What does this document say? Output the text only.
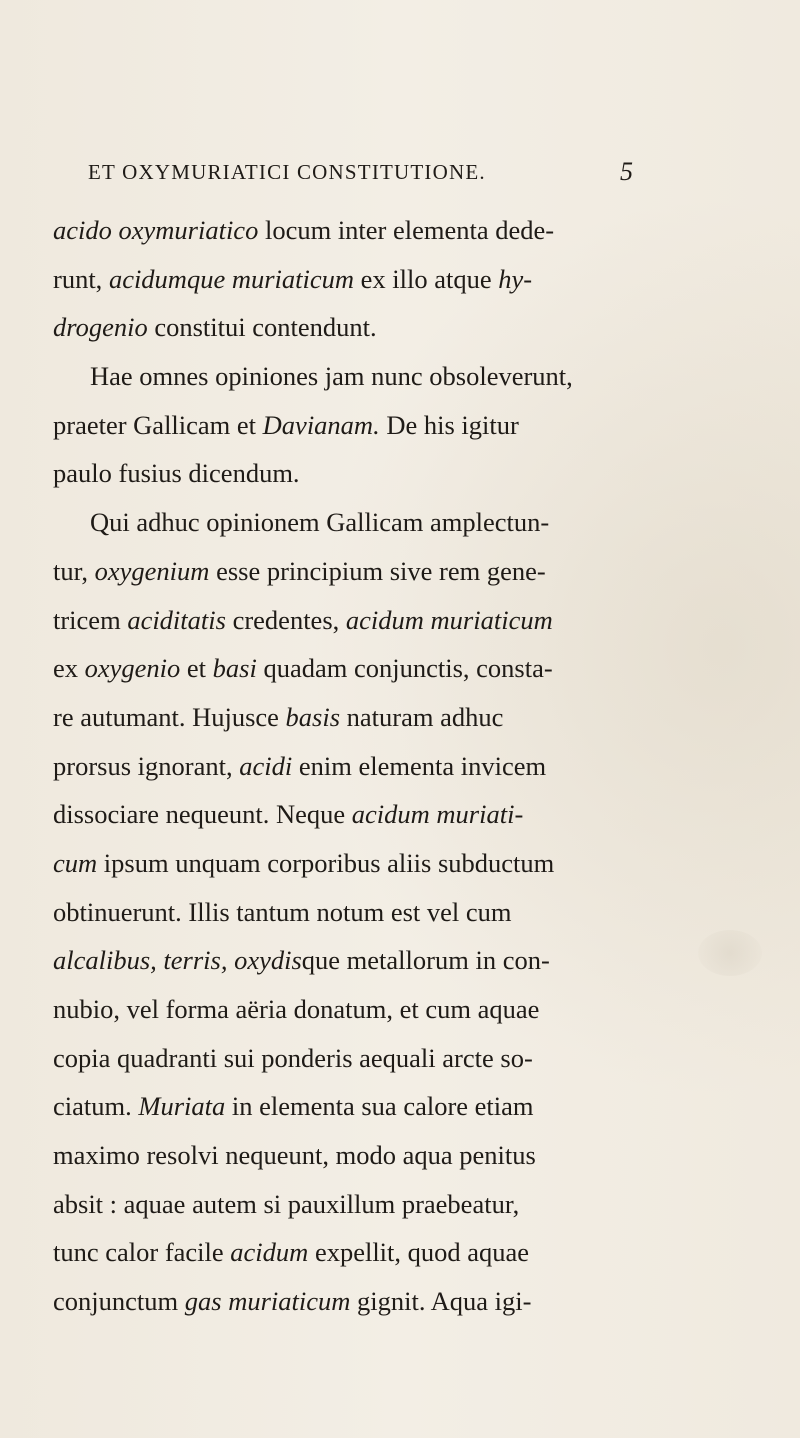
ET OXYMURIATICI CONSTITUTIONE.	5
acido oxymuriatico locum inter elementa dede-
runt, acidumque muriaticum ex illo atque hy-
drogenio constitui contendunt.
Hae omnes opiniones jam nunc obsoleverunt,
praeter Gallicam et Davianam. De his igitur
paulo fusius dicendum.
Qui adhuc opinionem Gallicam amplectun-
tur, oxygenium esse principium sive rem gene-
tricem aciditatis credentes, acidum muriaticum
ex oxygenio et basi quadam conjunctis, consta-
re autumant. Hujusce basis naturam adhuc
prorsus ignorant, acidi enim elementa invicem
dissociare nequeunt. Neque acidum muriati-
cum ipsum unquam corporibus aliis subductum
obtinuerunt. Illis tantum notum est vel cum
alcalibus, terris, oxydisque metallorum in con-
nubio, vel forma aëria donatum, et cum aquae
copia quadranti sui ponderis aequali arcte so-
ciatum. Muriata in elementa sua calore etiam
maximo resolvi nequeunt, modo aqua penitus
absit : aquae autem si pauxillum praebeatur,
tunc calor facile acidum expellit, quod aquae
conjunctum gas muriaticum gignit. Aqua igi-
